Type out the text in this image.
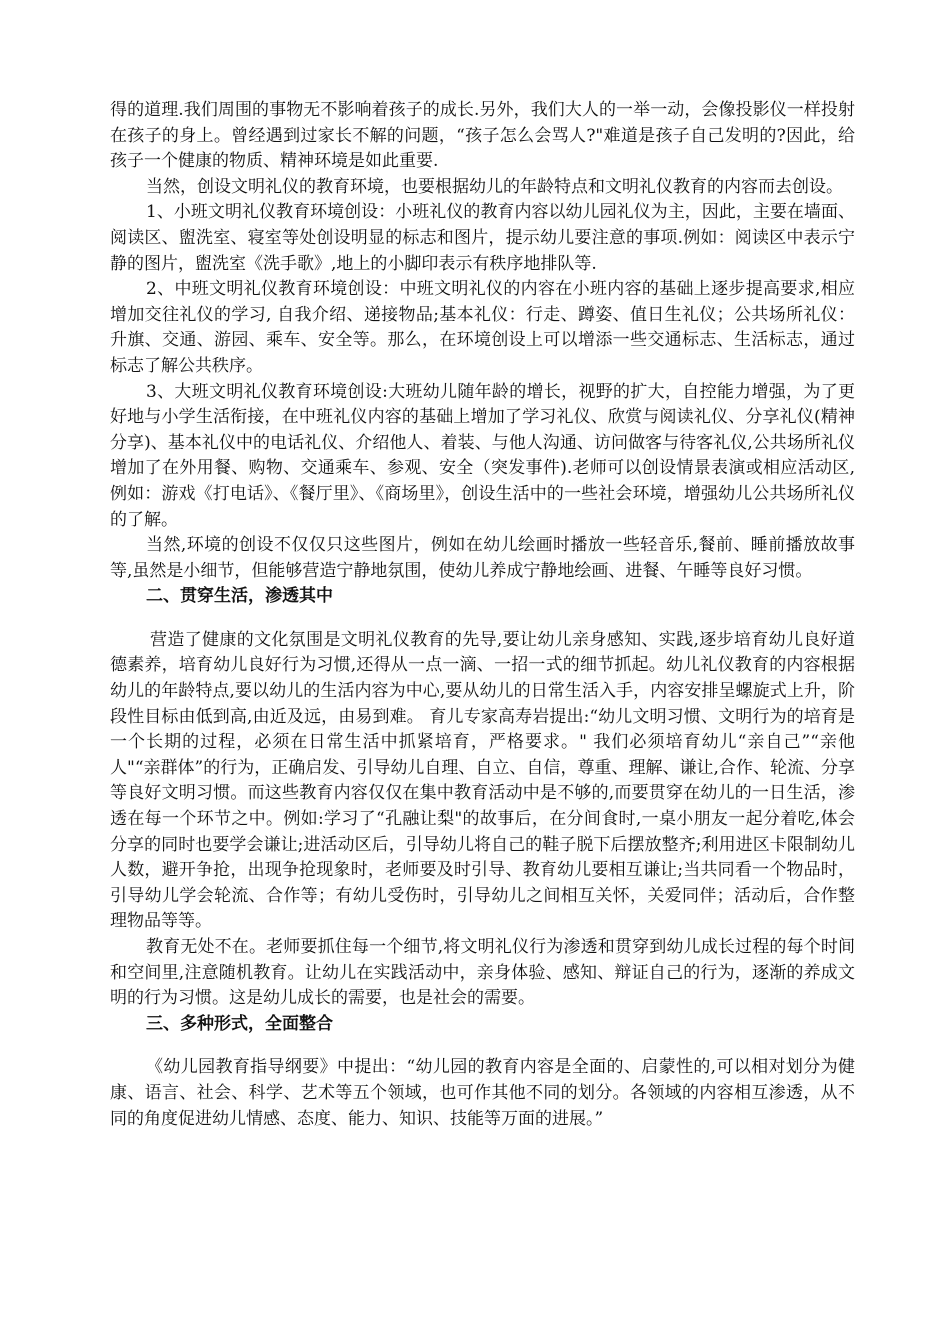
得的道理.我们周围的事物无不影响着孩子的成长.另外，我们大人的一举一动，会像投影仪一样投射在孩子的身上。曾经遇到过家长不解的问题，“孩子怎么会骂人?"难道是孩子自己发明的?因此，给孩子一个健康的物质、精神环境是如此重要.

当然，创设文明礼仪的教育环境，也要根据幼儿的年龄特点和文明礼仪教育的内容而去创设。

1、小班文明礼仪教育环境创设：小班礼仪的教育内容以幼儿园礼仪为主，因此，主要在墙面、阅读区、盥洗室、寝室等处创设明显的标志和图片，提示幼儿要注意的事项.例如：阅读区中表示宁静的图片，盥洗室《洗手歌》,地上的小脚印表示有秩序地排队等.

2、中班文明礼仪教育环境创设：中班文明礼仪的内容在小班内容的基础上逐步提高要求,相应增加交往礼仪的学习, 自我介绍、递接物品;基本礼仪：行走、蹲姿、值日生礼仪；公共场所礼仪：升旗、交通、游园、乘车、安全等。那么，在环境创设上可以增添一些交通标志、生活标志，通过标志了解公共秩序。

3、大班文明礼仪教育环境创设:大班幼儿随年龄的增长，视野的扩大，自控能力增强，为了更好地与小学生活衔接，在中班礼仪内容的基础上增加了学习礼仪、欣赏与阅读礼仪、分享礼仪(精神分享)、基本礼仪中的电话礼仪、介绍他人、着装、与他人沟通、访问做客与待客礼仪,公共场所礼仪增加了在外用餐、购物、交通乘车、参观、安全（突发事件).老师可以创设情景表演或相应活动区,例如：游戏《打电话》、《餐厅里》、《商场里》，创设生活中的一些社会环境，增强幼儿公共场所礼仪的了解。

当然,环境的创设不仅仅只这些图片，例如在幼儿绘画时播放一些轻音乐,餐前、睡前播放故事等,虽然是小细节，但能够营造宁静地氛围，使幼儿养成宁静地绘画、进餐、午睡等良好习惯。

二、贯穿生活，渗透其中

营造了健康的文化氛围是文明礼仪教育的先导,要让幼儿亲身感知、实践,逐步培育幼儿良好道德素养，培育幼儿良好行为习惯,还得从一点一滴、一招一式的细节抓起。幼儿礼仪教育的内容根据幼儿的年龄特点,要以幼儿的生活内容为中心,要从幼儿的日常生活入手，内容安排呈螺旋式上升，阶段性目标由低到高,由近及远，由易到难。 育儿专家高寿岩提出:“幼儿文明习惯、文明行为的培育是一个长期的过程，必须在日常生活中抓紧培育，严格要求。" 我们必须培育幼儿“亲自己”“亲他人"“亲群体”的行为，正确启发、引导幼儿自理、自立、自信，尊重、理解、谦让,合作、轮流、分享等良好文明习惯。而这些教育内容仅仅在集中教育活动中是不够的,而要贯穿在幼儿的一日生活，渗透在每一个环节之中。例如:学习了“孔融让梨"的故事后，在分间食时,一桌小朋友一起分着吃,体会分享的同时也要学会谦让;进活动区后，引导幼儿将自己的鞋子脱下后摆放整齐;利用进区卡限制幼儿人数，避开争抢，出现争抢现象时，老师要及时引导、教育幼儿要相互谦让;当共同看一个物品时，引导幼儿学会轮流、合作等；有幼儿受伤时，引导幼儿之间相互关怀，关爱同伴；活动后，合作整理物品等等。

教育无处不在。老师要抓住每一个细节,将文明礼仪行为渗透和贯穿到幼儿成长过程的每个时间和空间里,注意随机教育。让幼儿在实践活动中，亲身体验、感知、辩证自己的行为，逐渐的养成文明的行为习惯。这是幼儿成长的需要，也是社会的需要。

三、多种形式，全面整合

《幼儿园教育指导纲要》中提出：“幼儿园的教育内容是全面的、启蒙性的,可以相对划分为健康、语言、社会、科学、艺术等五个领域，也可作其他不同的划分。各领域的内容相互渗透，从不同的角度促进幼儿情感、态度、能力、知识、技能等万面的进展。”
